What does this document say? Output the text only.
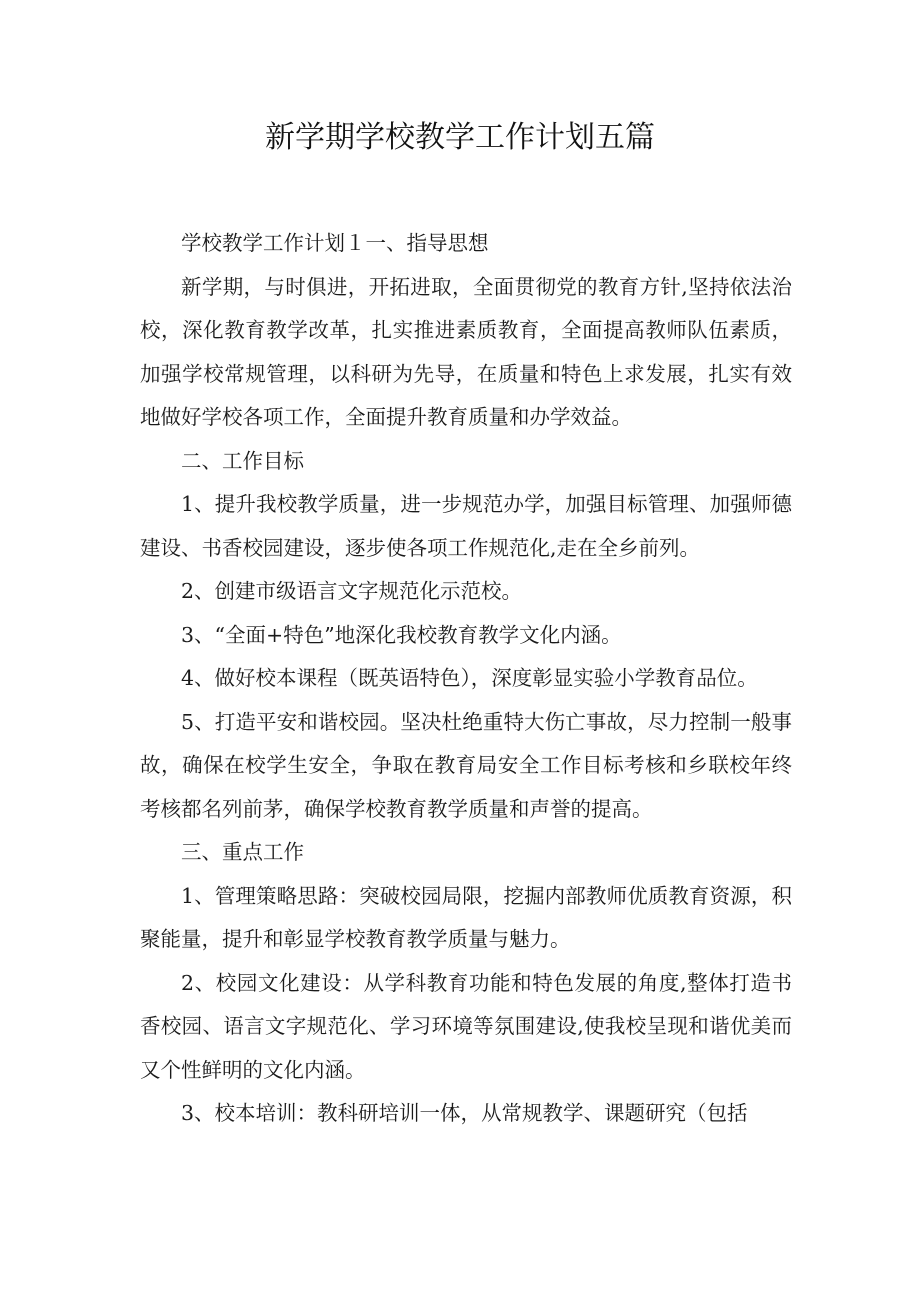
新学期学校教学工作计划五篇

学校教学工作计划１一、指导思想

新学期，与时俱进，开拓进取，全面贯彻党的教育方针,坚持依法治校，深化教育教学改革，扎实推进素质教育，全面提高教师队伍素质，加强学校常规管理，以科研为先导，在质量和特色上求发展，扎实有效地做好学校各项工作，全面提升教育质量和办学效益。

二、工作目标

1、提升我校教学质量，进一步规范办学，加强目标管理、加强师德建设、书香校园建设，逐步使各项工作规范化,走在全乡前列。

2、创建市级语言文字规范化示范校。

3、“全面+特色”地深化我校教育教学文化内涵。

4、做好校本课程（既英语特色），深度彰显实验小学教育品位。

5、打造平安和谐校园。坚决杜绝重特大伤亡事故，尽力控制一般事故，确保在校学生安全，争取在教育局安全工作目标考核和乡联校年终考核都名列前茅，确保学校教育教学质量和声誉的提高。

三、重点工作

1、管理策略思路：突破校园局限，挖掘内部教师优质教育资源，积聚能量，提升和彰显学校教育教学质量与魅力。

2、校园文化建设：从学科教育功能和特色发展的角度,整体打造书香校园、语言文字规范化、学习环境等氛围建设,使我校呈现和谐优美而又个性鲜明的文化内涵。

3、校本培训：教科研培训一体，从常规教学、课题研究（包括
